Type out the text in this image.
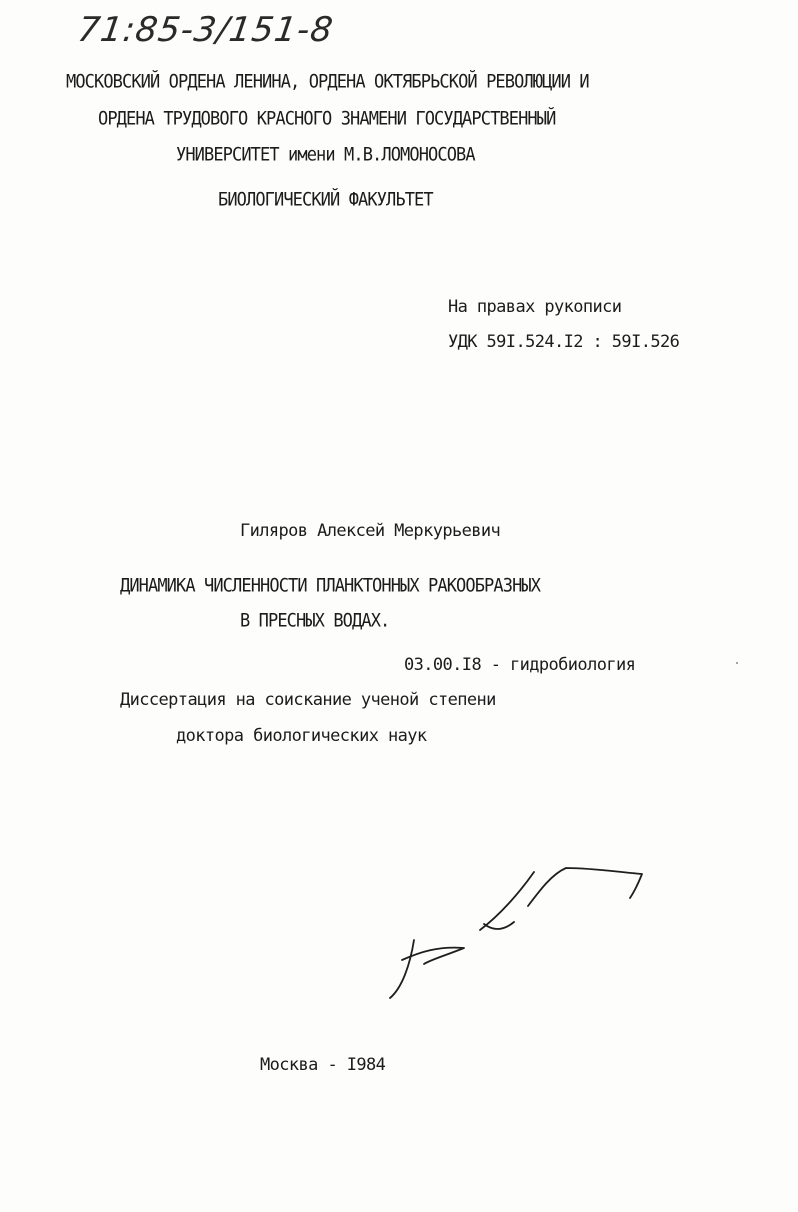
71:85-3/151-8
МОСКОВСКИЙ ОРДЕНА ЛЕНИНА, ОРДЕНА ОКТЯБРЬСКОЙ РЕВОЛЮЦИИ И
ОРДЕНА ТРУДОВОГО КРАСНОГО ЗНАМЕНИ ГОСУДАРСТВЕННЫЙ
УНИВЕРСИТЕТ имени М.В.ЛОМОНОСОВА
БИОЛОГИЧЕСКИЙ ФАКУЛЬТЕТ
На правах рукописи
УДК 59I.524.I2 : 59I.526
Гиляров Алексей Меркурьевич
ДИНАМИКА ЧИСЛЕННОСТИ ПЛАНКТОННЫХ РАКООБРАЗНЫХ
В ПРЕСНЫХ ВОДАХ.
03.00.I8 - гидробиология
Диссертация на соискание ученой степени
доктора биологических наук
Москва - I984
